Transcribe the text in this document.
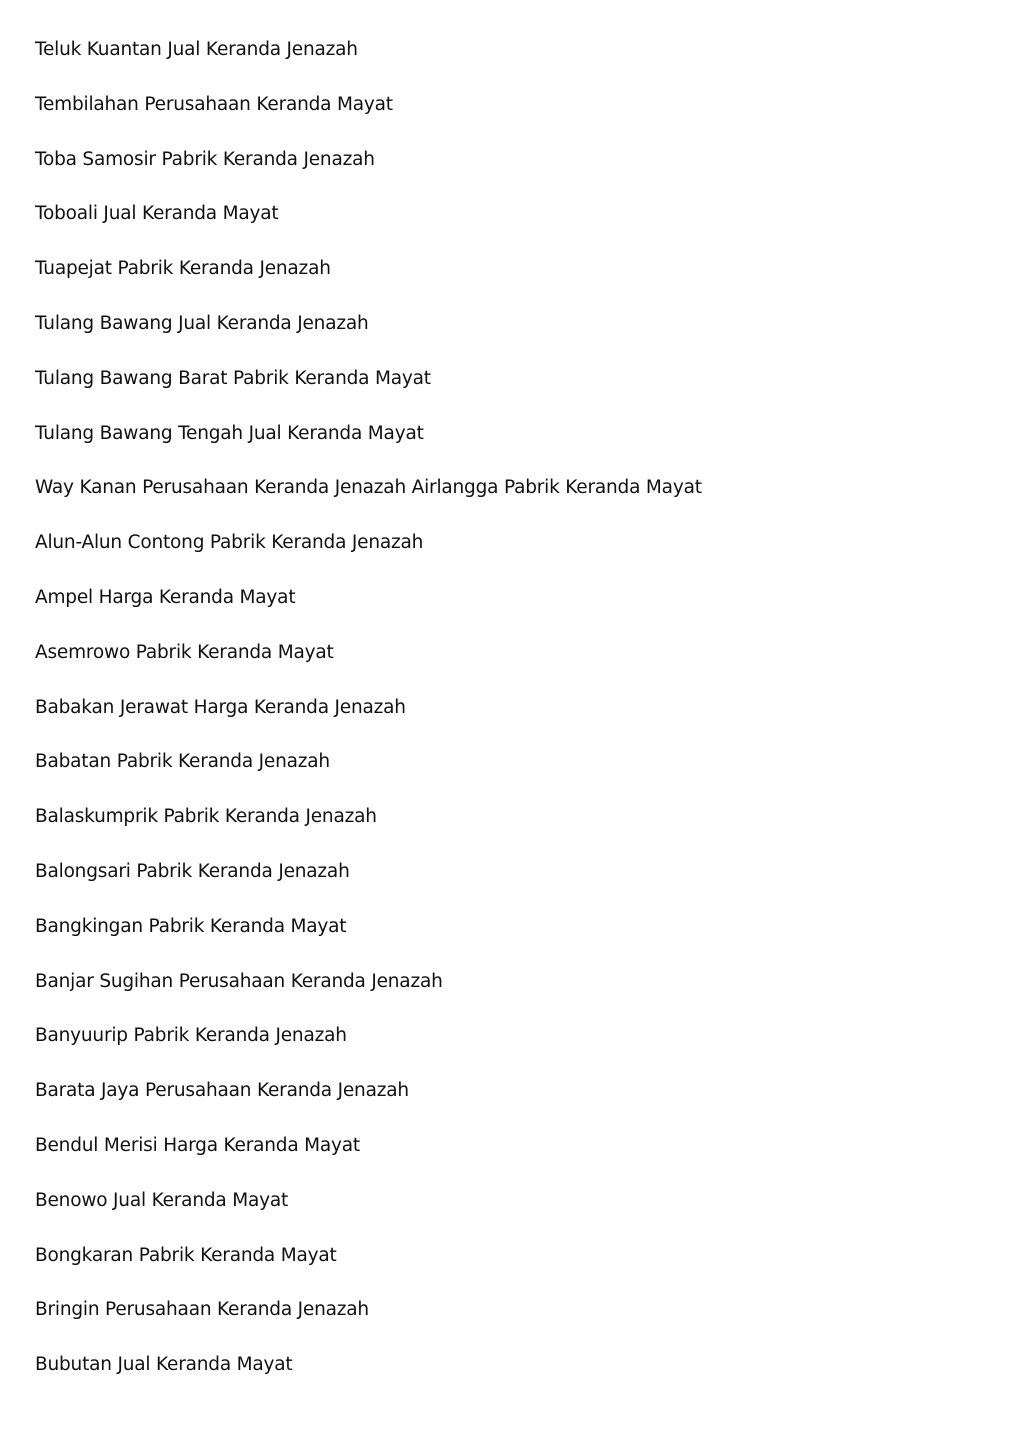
Teluk Kuantan Jual Keranda Jenazah
Tembilahan Perusahaan Keranda Mayat
Toba Samosir Pabrik Keranda Jenazah
Toboali Jual Keranda Mayat
Tuapejat Pabrik Keranda Jenazah
Tulang Bawang Jual Keranda Jenazah
Tulang Bawang Barat Pabrik Keranda Mayat
Tulang Bawang Tengah Jual Keranda Mayat
Way Kanan Perusahaan Keranda Jenazah Airlangga Pabrik Keranda Mayat
Alun-Alun Contong Pabrik Keranda Jenazah
Ampel Harga Keranda Mayat
Asemrowo Pabrik Keranda Mayat
Babakan Jerawat Harga Keranda Jenazah
Babatan Pabrik Keranda Jenazah
Balaskumprik Pabrik Keranda Jenazah
Balongsari Pabrik Keranda Jenazah
Bangkingan Pabrik Keranda Mayat
Banjar Sugihan Perusahaan Keranda Jenazah
Banyuurip Pabrik Keranda Jenazah
Barata Jaya Perusahaan Keranda Jenazah
Bendul Merisi Harga Keranda Mayat
Benowo Jual Keranda Mayat
Bongkaran Pabrik Keranda Mayat
Bringin Perusahaan Keranda Jenazah
Bubutan Jual Keranda Mayat
